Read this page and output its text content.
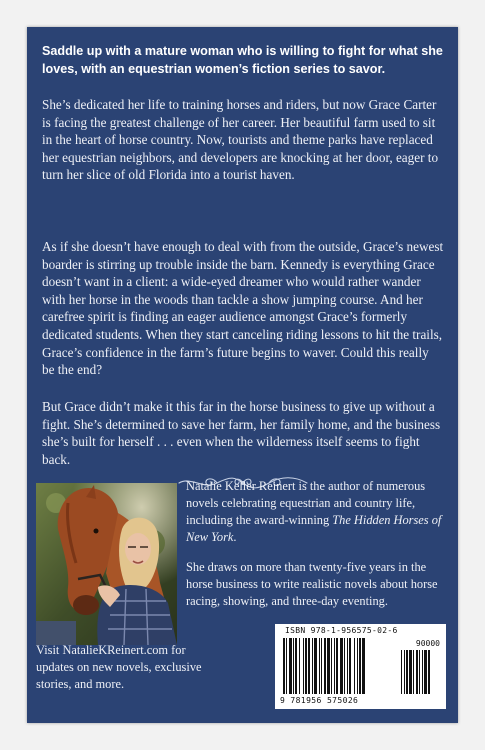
Saddle up with a mature woman who is willing to fight for what she loves, with an equestrian women’s fiction series to savor.

She’s dedicated her life to training horses and riders, but now Grace Carter is facing the greatest challenge of her career. Her beautiful farm used to sit in the heart of horse country. Now, tourists and theme parks have replaced her equestrian neighbors, and developers are knocking at her door, eager to turn her slice of old Florida into a tourist haven.

As if she doesn’t have enough to deal with from the outside, Grace’s newest boarder is stirring up trouble inside the barn. Kennedy is everything Grace doesn’t want in a client: a wide-eyed dreamer who would rather wander with her horse in the woods than tackle a show jumping course. And her carefree spirit is finding an eager audience amongst Grace’s formerly dedicated students. When they start canceling riding lessons to hit the trails, Grace’s confidence in the farm’s future begins to waver. Could this really be the end?

But Grace didn’t make it this far in the horse business to give up without a fight. She’s determined to save her farm, her family home, and the business she’s built for herself . . . even when the wilderness itself seems to fight back.

Natalie Keller Reinert is the author of numerous novels celebrating equestrian and country life, including the award-winning The Hidden Horses of New York.

She draws on more than twenty-five years in the horse business to write realistic novels about horse racing, showing, and three-day eventing.

Visit NatalieKReinert.com for updates on new novels, exclusive stories, and more.

ISBN 978-1-956575-02-6
90000
9 781956 575026
